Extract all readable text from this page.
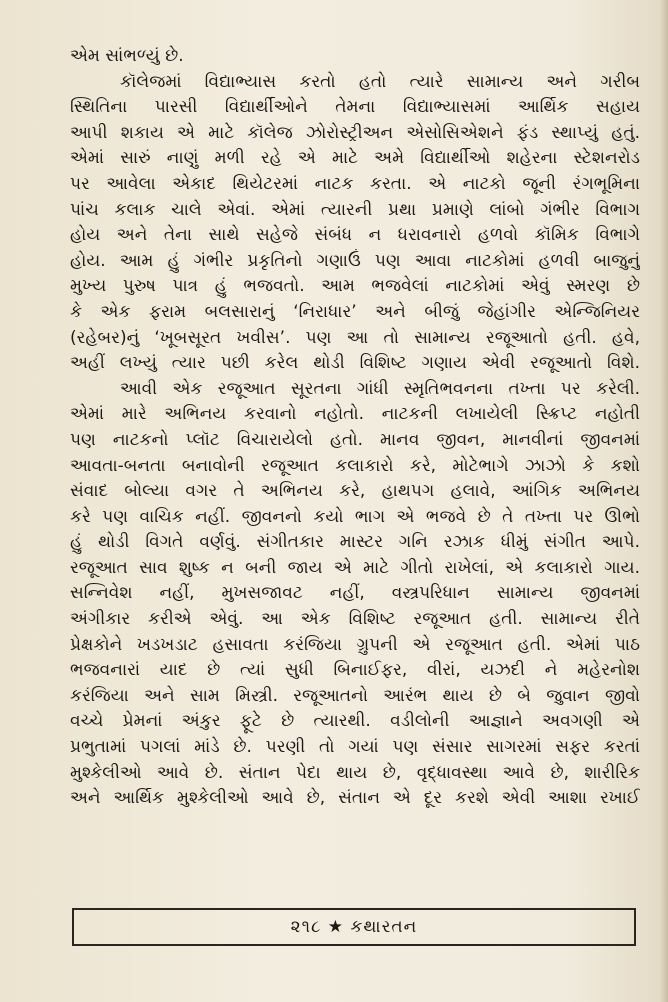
એમ સાંભળ્યું છે.
કૉલેજમાં વિદ્યાભ્યાસ કરતો હતો ત્યારે સામાન્ય અને ગરીબ
સ્થિતિના પારસી વિદ્યાર્થીઓને તેમના વિદ્યાભ્યાસમાં આર્થિક સહાય
આપી શકાય એ માટે કૉલેજ ઝોરોસ્ટ્રીઅન એસોસિએશને ફંડ સ્થાપ્યું હતું.
એમાં સારું નાણું મળી રહે એ માટે અમે વિદ્યાર્થીઓ શહેરના સ્ટેશનરોડ
પર આવેલા એકાદ થિયેટરમાં નાટક કરતા. એ નાટકો જૂની રંગભૂમિના
પાંચ કલાક ચાલે એવાં. એમાં ત્યારની પ્રથા પ્રમાણે લાંબો ગંભીર વિભાગ
હોય અને તેના સાથે સહેજે સંબંધ ન ધરાવનારો હળવો કૉમિક વિભાગે
હોય. આમ હું ગંભીર પ્રકૃતિનો ગણાઉં પણ આવા નાટકોમાં હળવી બાજુનું
મુખ્ય પુરુષ પાત્ર હું ભજવતો. આમ ભજવેલાં નાટકોમાં એવું સ્મરણ છે
કે એક ફરામ બલસારાનું ‘નિરાધાર’ અને બીજું જેહાંગીર એન્જિનિયર
(રહેબર)નું ‘ખૂબસૂરત ખવીસ’. પણ આ તો સામાન્ય રજૂઆતો હતી. હવે,
અહીં લખ્યું ત્યાર પછી કરેલ થોડી વિશિષ્ટ ગણાય એવી રજૂઆતો વિશે.
આવી એક રજૂઆત સૂરતના ગાંધી સ્મૃતિભવનના તખ્તા પર કરેલી.
એમાં મારે અભિનય કરવાનો નહોતો. નાટકની લખાયેલી સ્ક્રિપ્ટ નહોતી
પણ નાટકનો પ્લૉટ વિચારાયેલો હતો. માનવ જીવન, માનવીનાં જીવનમાં
આવતા-બનતા બનાવોની રજૂઆત કલાકારો કરે, મોટેભાગે ઝાઝો કે કશો
સંવાદ બોલ્યા વગર તે અભિનય કરે, હાથપગ હલાવે, આંગિક અભિનય
કરે પણ વાચિક નહીં. જીવનનો કયો ભાગ એ ભજવે છે તે તખ્તા પર ઊભો
હું થોડી વિગતે વર્ણવું. સંગીતકાર માસ્ટર ગનિ રઝાક ધીમું સંગીત આપે.
રજૂઆત સાવ શુષ્ક ન બની જાય એ માટે ગીતો રાખેલાં, એ કલાકારો ગાય.
સન્નિવેશ નહીં, મુખસજાવટ નહીં, વસ્ત્રપરિધાન સામાન્ય જીવનમાં
અંગીકાર કરીએ એવું. આ એક વિશિષ્ટ રજૂઆત હતી. સામાન્ય રીતે
પ્રેક્ષકોને ખડખડાટ હસાવતા કરંજિયા ગ્રુપની એ રજૂઆત હતી. એમાં પાઠ
ભજવનારાં યાદ છે ત્યાં સુધી બિનાઈફર, વીરાં, યઝદી ને મહેરનોશ
કરંજિયા અને સામ મિસ્ત્રી. રજૂઆતનો આરંભ થાય છે બે જુવાન જીવો
વચ્ચે પ્રેમનાં અંકુર ફૂટે છે ત્યારથી. વડીલોની આજ્ઞાને અવગણી એ
પ્રભુતામાં પગલાં માંડે છે. પરણી તો ગયાં પણ સંસાર સાગરમાં સફર કરતાં
મુશ્કેલીઓ આવે છે. સંતાન પેદા થાય છે, વૃદ્ધાવસ્થા આવે છે, શારીરિક
અને આર્થિક મુશ્કેલીઓ આવે છે, સંતાન એ દૂર કરશે એવી આશા રખાઈ
૨૧૮ ★ કથારતન
